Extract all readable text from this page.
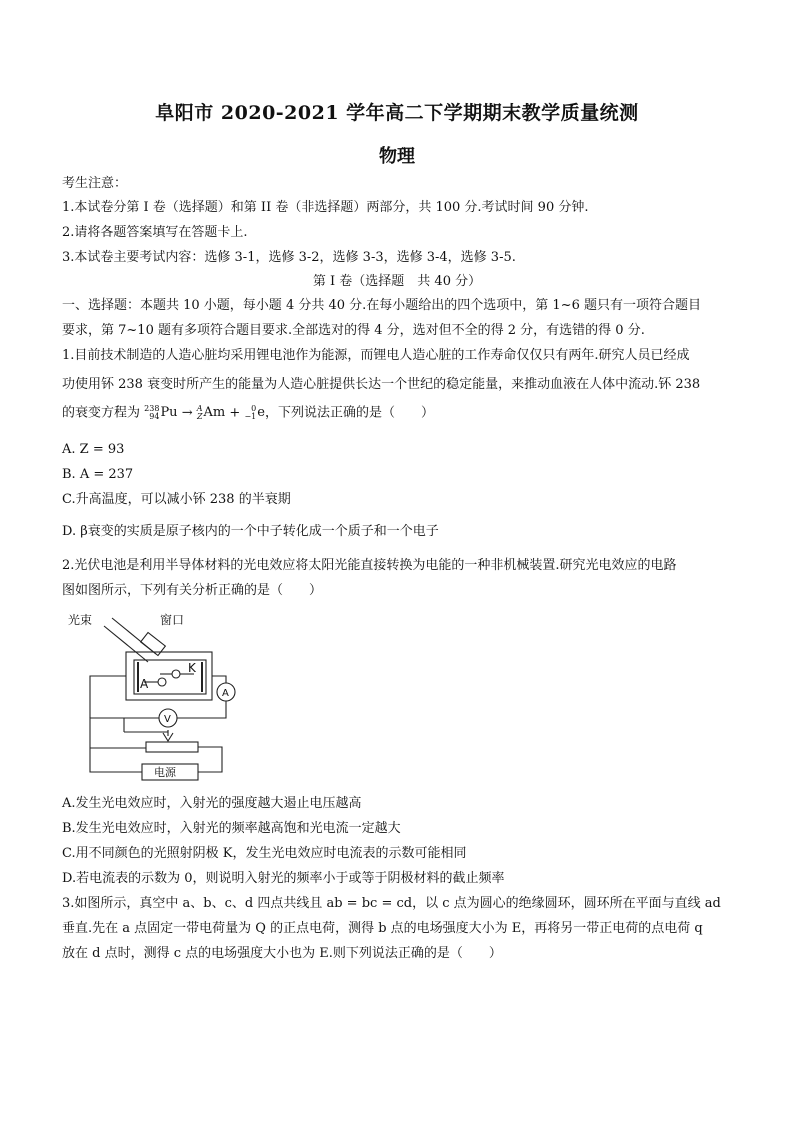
阜阳市 2020-2021 学年高二下学期期末教学质量统测
物理
考生注意：
1.本试卷分第 I 卷（选择题）和第 II 卷（非选择题）两部分，共 100 分.考试时间 90 分钟.
2.请将各题答案填写在答题卡上.
3.本试卷主要考试内容：选修 3-1，选修 3-2，选修 3-3，选修 3-4，选修 3-5.
第 I 卷（选择题　共 40 分）
一、选择题：本题共 10 小题，每小题 4 分共 40 分.在每小题给出的四个选项中，第 1~6 题只有一项符合题目
要求，第 7~10 题有多项符合题目要求.全部选对的得 4 分，选对但不全的得 2 分，有选错的得 0 分.
1.目前技术制造的人造心脏均采用锂电池作为能源，而锂电人造心脏的工作寿命仅仅只有两年.研究人员已经成
功使用钚 238 衰变时所产生的能量为人造心脏提供长达一个世纪的稳定能量，来推动血液在人体中流动.钚 238
的衰变方程为 238
94 Pu → A
Z Am +	0
−1 e，下列说法正确的是（　　）
A. Z = 93
B. A = 237
C.升高温度，可以减小钚 238 的半衰期
D. β衰变的实质是原子核内的一个中子转化成一个质子和一个电子
2.光伏电池是利用半导体材料的光电效应将太阳光能直接转换为电能的一种非机械装置.研究光电效应的电路
图如图所示，下列有关分析正确的是（　　）
光束	窗口
K
A
A
V
电源
A.发生光电效应时，入射光的强度越大遏止电压越高
B.发生光电效应时，入射光的频率越高饱和光电流一定越大
C.用不同颜色的光照射阴极 K，发生光电效应时电流表的示数可能相同
D.若电流表的示数为 0，则说明入射光的频率小于或等于阴极材料的截止频率
3.如图所示，真空中 a、b、c、d 四点共线且 ab = bc = cd，以 c 点为圆心的绝缘圆环，圆环所在平面与直线 ad
垂直.先在 a 点固定一带电荷量为 Q 的正点电荷，测得 b 点的电场强度大小为 E，再将另一带正电荷的点电荷 q
放在 d 点时，测得 c 点的电场强度大小也为 E.则下列说法正确的是（　　）
